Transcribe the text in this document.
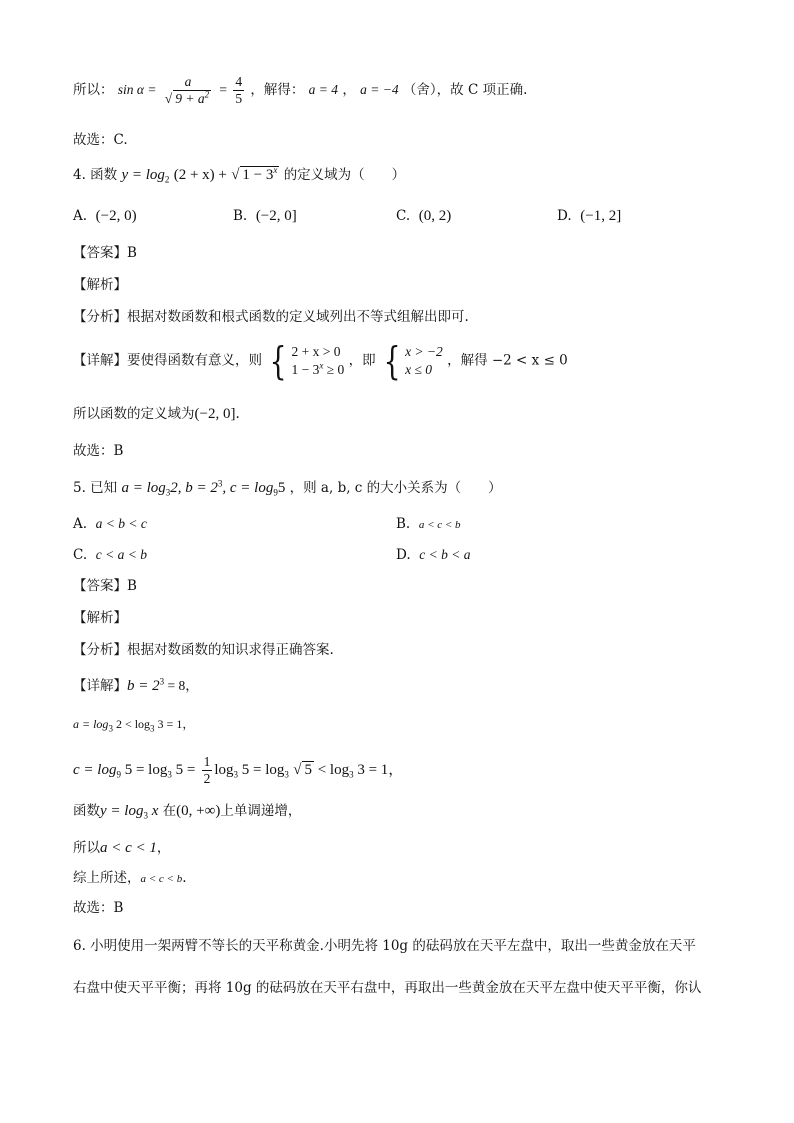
所以： $\sin \alpha = \frac{a}{√ 9 + a^2} = \frac{4}{5}$ ，解得： a = 4 ， a = −4 （舍），故 C 项正确.
故选：C.
4. 函数 $y = \log_2 (2 + x)$ + √ $1 - 3^x$ 的定义域为（　　）
A. (−2, 0)	B. (−2, 0]	C. (0, 2)	D. (−1, 2]
【答案】B
【解析】
【分析】根据对数函数和根式函数的定义域列出不等式组解出即可.
【详解】要使得函数有意义，则 { 2 + x > 0
$1 - 3^x \ge 0$
，即 { x > −2
x ≤ 0
，解得 −2 < x ≤ 0
所以函数的定义域为(−2, 0].
故选：B
5. 已知 $a = \log_32$, $b = 2^3$, $c = \log_95$ ，则 a, b, c 的大小关系为（　　）
A. a < b < c	B. a < c < b
C. c < a < b	D. c < b < a
【答案】B
【解析】
【分析】根据对数函数的知识求得正确答案.
【详解】$b = 2^3 = 8$，
$a = \log_3 2 < \log_3 3 = 1$，
$c = \log_9 5 = \log_3 5 = \frac{1}{2} \log_3 5 = \log_3$ √ $5 < \log_3 3 = 1$，
函数$y = \log_3 x$ 在(0, +∞)上单调递增，
所以a < c < 1，
综上所述，a < c < b.
故选：B
6. 小明使用一架两臂不等长的天平称黄金.小明先将 10g 的砝码放在天平左盘中，取出一些黄金放在天平
右盘中使天平平衡；再将 10g 的砝码放在天平右盘中，再取出一些黄金放在天平左盘中使天平平衡，你认
